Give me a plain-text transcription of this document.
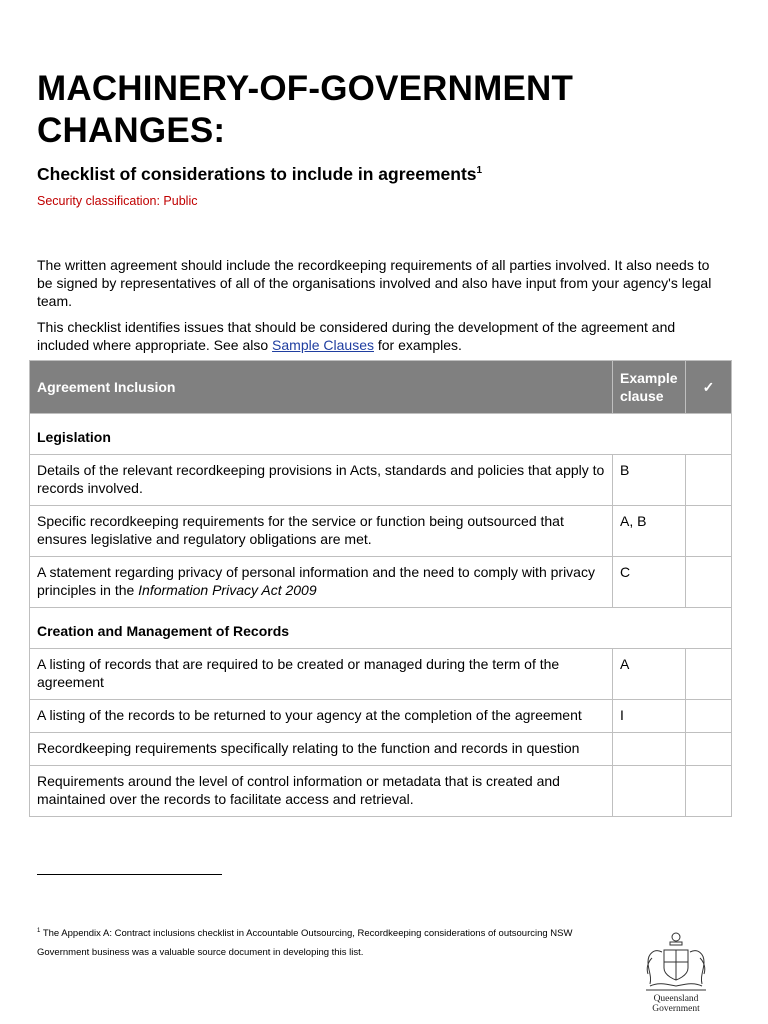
MACHINERY-OF-GOVERNMENT CHANGES:
Checklist of considerations to include in agreements$^1$
Security classification: Public

The written agreement should include the recordkeeping requirements of all parties involved. It also needs to be signed by representatives of all of the organisations involved and also have input from your agency's legal team.

This checklist identifies issues that should be considered during the development of the agreement and included where appropriate. See also Sample Clauses for examples.

Agreement Inclusion	Example clause	✓
Legislation		
Details of the relevant recordkeeping provisions in Acts, standards and policies that apply to records involved.	B	
Specific recordkeeping requirements for the service or function being outsourced that ensures legislative and regulatory obligations are met.	A, B	
A statement regarding privacy of personal information and the need to comply with privacy principles in the Information Privacy Act 2009	C	
Creation and Management of Records		
A listing of records that are required to be created or managed during the term of the agreement	A	
A listing of the records to be returned to your agency at the completion of the agreement	I	
Recordkeeping requirements specifically relating to the function and records in question		
Requirements around the level of control information or metadata that is created and maintained over the records to facilitate access and retrieval.		

$^1$ The Appendix A: Contract inclusions checklist in Accountable Outsourcing, Recordkeeping considerations of outsourcing NSW Government business was a valuable source document in developing this list.

Queensland
Government
